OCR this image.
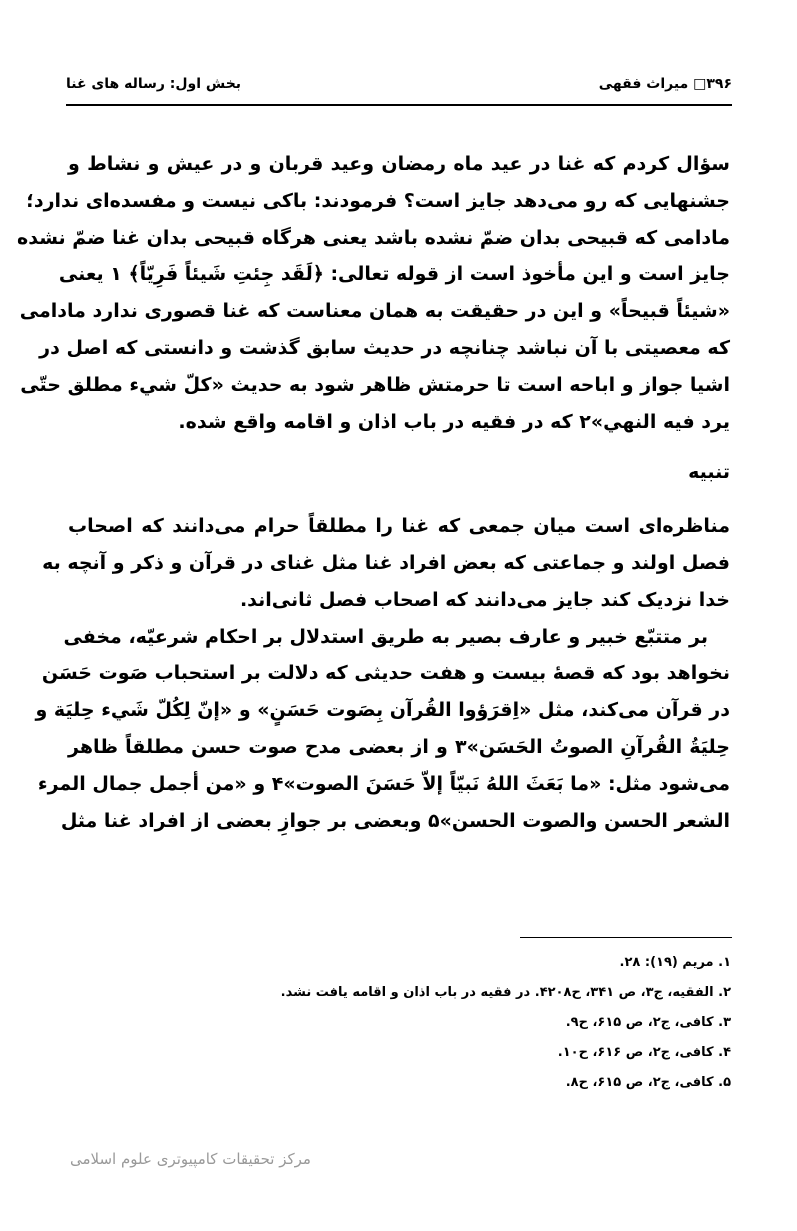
۳۹۶□ میراث فقهی
بخش اول: رساله های غنا
سؤال کردم که غنا در عید ماه رمضان وعید قربان و در عیش و نشاط و
جشنهایی که رو می‌دهد جایز است؟ فرمودند: باکی نیست و مفسده‌ای ندارد؛
مادامی که قبیحی بدان ضمّ نشده باشد یعنی هرگاه قبیحی بدان غنا ضمّ نشده
جایز است و این مأخوذ است از قوله تعالی: ﴿لَقَد جِئتِ شَیئاً فَرِیّاً﴾ ۱ یعنی
«شیئاً قبیحاً» و این در حقیقت به همان معناست که غنا قصوری ندارد مادامی
که معصیتی با آن نباشد چنانچه در حدیث سابق گذشت و دانستی که اصل در
اشیا جواز و اباحه است تا حرمتش ظاهر شود به حدیث «کلّ شيء مطلق حتّی
یرد فیه النهي»۲ که در فقیه در باب اذان و اقامه واقع شده.
تنبیه
مناظره‌ای است میان جمعی که غنا را مطلقاً حرام می‌دانند که اصحاب
فصل اولند و جماعتی که بعض افراد غنا مثل غنای در قرآن و ذکر و آنچه به
خدا نزدیک کند جایز می‌دانند که اصحاب فصل ثانی‌اند.
بر متتبّع خبیر و عارف بصیر به طریق استدلال بر احکام شرعیّه، مخفی
نخواهد بود که قصهٔ بیست و هفت حدیثی که دلالت بر استحباب صَوت حَسَن
در قرآن می‌کند، مثل «اِقرَؤوا القُرآن بِصَوت حَسَنٍ» و «إنّ لِکُلّ شَيء حِلیَة و
حِلیَةُ القُرآنِ الصوتُ الحَسَن»۳ و از بعضی مدح صوت حسن مطلقاً ظاهر
می‌شود مثل: «ما بَعَثَ اللهُ نَبیّاً إلاّ حَسَنَ الصوت»۴ و «من أجمل جمال المرء
الشعر الحسن والصوت الحسن»۵ وبعضی بر جوازِ بعضی از افراد غنا مثل
۱. مریم (۱۹): ۲۸.
۲. الفقیه، ج۳، ص ۳۴۱، ح۴۲۰۸. در فقیه در باب اذان و اقامه یافت نشد.
۳. کافی، ج۲، ص ۶۱۵، ح۹.
۴. کافی، ج۲، ص ۶۱۶، ح۱۰.
۵. کافی، ج۲، ص ۶۱۵، ح۸.
مرکز تحقیقات کامپیوتری علوم اسلامی
